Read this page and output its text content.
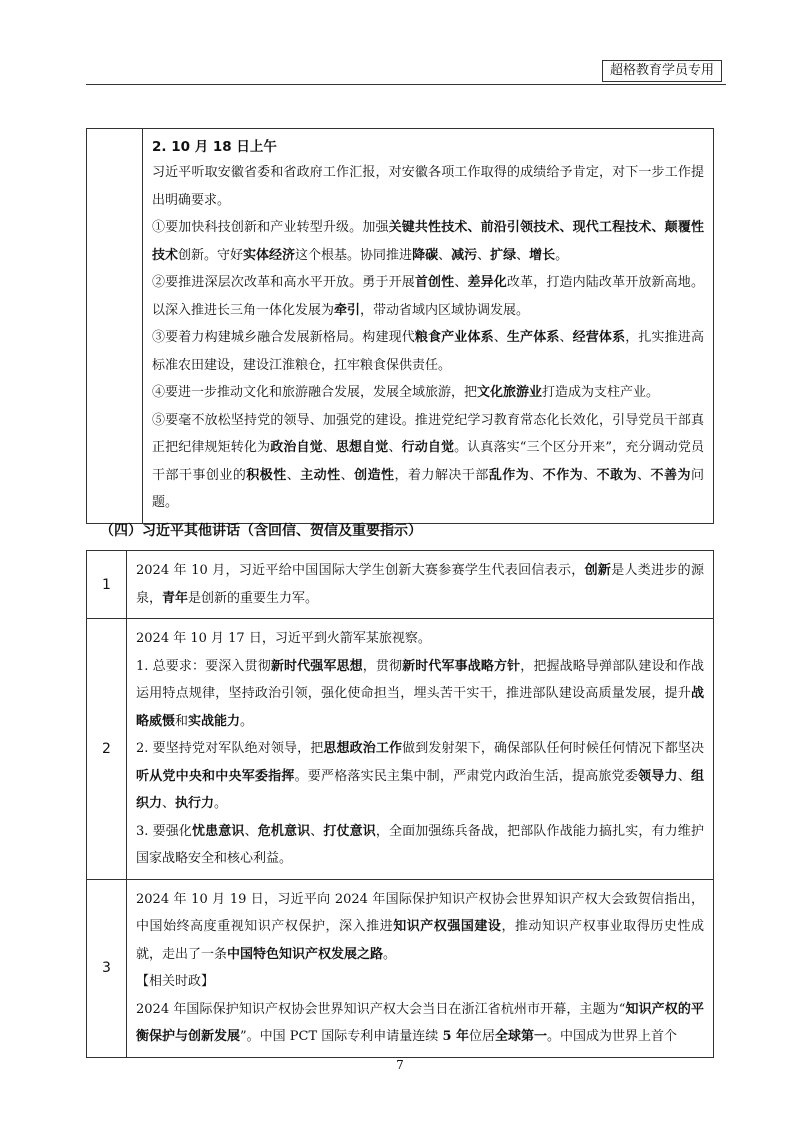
超格教育学员专用

2. 10 月 18 日上午

习近平听取安徽省委和省政府工作汇报，对安徽各项工作取得的成绩给予肯定，对下一步工作提出明确要求。

①要加快科技创新和产业转型升级。加强关键共性技术、前沿引领技术、现代工程技术、颠覆性技术创新。守好实体经济这个根基。协同推进降碳、减污、扩绿、增长。

②要推进深层次改革和高水平开放。勇于开展首创性、差异化改革，打造内陆改革开放新高地。以深入推进长三角一体化发展为牵引，带动省域内区域协调发展。

③要着力构建城乡融合发展新格局。构建现代粮食产业体系、生产体系、经营体系，扎实推进高标准农田建设，建设江淮粮仓，扛牢粮食保供责任。

④要进一步推动文化和旅游融合发展，发展全域旅游，把文化旅游业打造成为支柱产业。

⑤要毫不放松坚持党的领导、加强党的建设。推进党纪学习教育常态化长效化，引导党员干部真正把纪律规矩转化为政治自觉、思想自觉、行动自觉。认真落实“三个区分开来”，充分调动党员干部干事创业的积极性、主动性、创造性，着力解决干部乱作为、不作为、不敢为、不善为问题。

（四）习近平其他讲话（含回信、贺信及重要指示）
1	2024 年 10 月，习近平给中国国际大学生创新大赛参赛学生代表回信表示，创新是人类进步的源泉，青年是创新的重要生力军。

2	2024 年 10 月 17 日，习近平到火箭军某旅视察。

1. 总要求：要深入贯彻新时代强军思想，贯彻新时代军事战略方针，把握战略导弹部队建设和作战运用特点规律，坚持政治引领，强化使命担当，埋头苦干实干，推进部队建设高质量发展，提升战略威慑和实战能力。

2. 要坚持党对军队绝对领导，把思想政治工作做到发射架下，确保部队任何时候任何情况下都坚决听从党中央和中央军委指挥。要严格落实民主集中制，严肃党内政治生活，提高旅党委领导力、组织力、执行力。

3. 要强化忧患意识、危机意识、打仗意识，全面加强练兵备战，把部队作战能力搞扎实，有力维护国家战略安全和核心利益。

3	2024 年 10 月 19 日，习近平向 2024 年国际保护知识产权协会世界知识产权大会致贺信指出，中国始终高度重视知识产权保护，深入推进知识产权强国建设，推动知识产权事业取得历史性成就，走出了一条中国特色知识产权发展之路。

【相关时政】

2024 年国际保护知识产权协会世界知识产权大会当日在浙江省杭州市开幕，主题为“知识产权的平衡保护与创新发展”。中国 PCT 国际专利申请量连续 5 年位居全球第一。中国成为世界上首个

7
